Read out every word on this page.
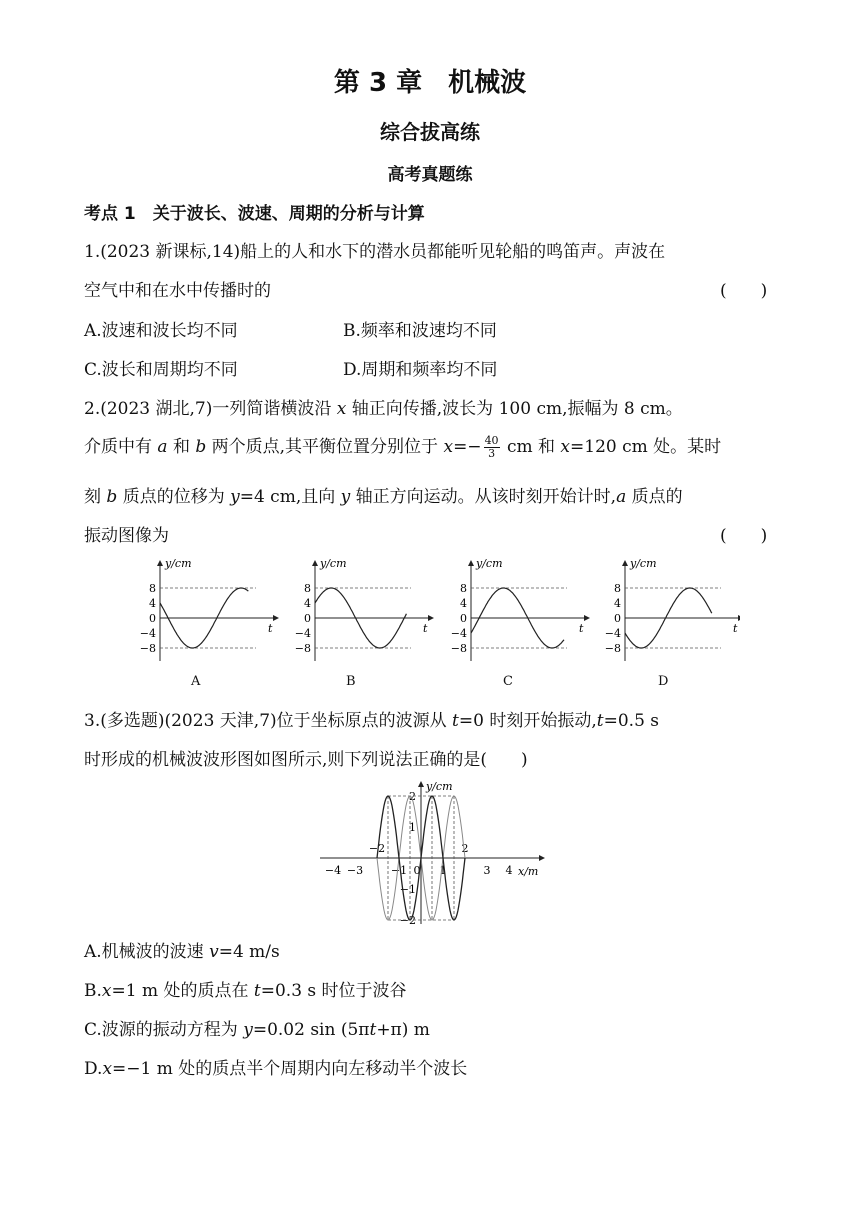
第 3 章　机械波
综合拔高练
高考真题练
考点 1　关于波长、波速、周期的分析与计算
1.(2023 新课标,14)船上的人和水下的潜水员都能听见轮船的鸣笛声。声波在
空气中和在水中传播时的	(　　)
A.波速和波长均不同	B.频率和波速均不同
C.波长和周期均不同	D.周期和频率均不同
2.(2023 湖北,7)一列简谐横波沿 x 轴正向传播,波长为 100 cm,振幅为 8 cm。
介质中有 a 和 b 两个质点,其平衡位置分别位于 $x=- \frac{40}{3}$ cm 和 x=120 cm 处。某时
刻 b 质点的位移为 y=4 cm,且向 y 轴正方向运动。从该时刻开始计时,a 质点的
振动图像为	(　　)
y/cm
t
8
4
0
−4
−8
y/cm
t
8
4
0
−4
−8
y/cm
t
8
4
0
−4
−8
y/cm
t
8
4
0
−4
−8
A	B	C	D
3.(多选题)(2023 天津,7)位于坐标原点的波源从 t=0 时刻开始振动,t=0.5 s
时形成的机械波波形图如图所示,则下列说法正确的是(　　)
y/cm
x/m
−4 −3
−2
−1 0 1
2
3 4
2
1
−1
−2
A.机械波的波速 v=4 m/s
B.x=1 m 处的质点在 t=0.3 s 时位于波谷
C.波源的振动方程为 y=0.02 sin (5πt+π) m
D.x=−1 m 处的质点半个周期内向左移动半个波长
